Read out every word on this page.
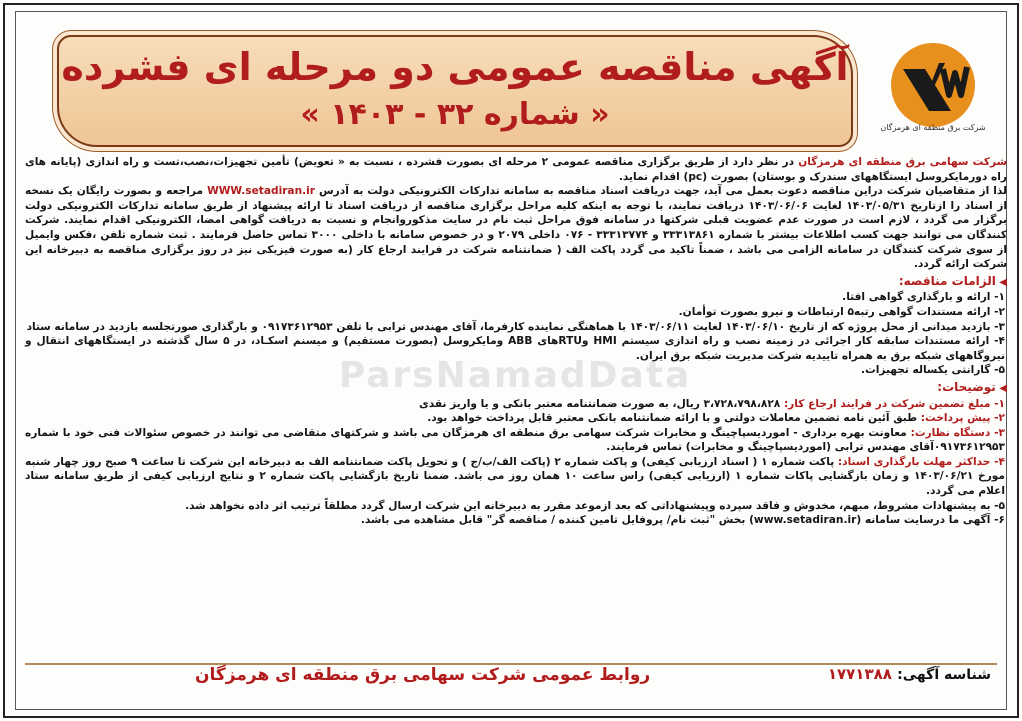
آگهی مناقصه عمومی دو مرحله ای فشرده
« شماره ۳۲ - ۱۴۰۳ »	شرکت برق منطقه ای هرمزگان
ParsNamadData

شرکت سهامی برق منطقه ای هرمزگان در نظر دارد از طریق برگزاری مناقصه عمومی ۲ مرحله ای بصورت فشرده ، نسبت به « تعویض) تأمین تجهیزات،نصب،تست و راه اندازی (پایانه های راه دورمایکروسل ایستگاههای سندرک و بوستان) بصورت (pc) اقدام نماید.

لذا از متقاضیان شرکت دراین مناقصه دعوت بعمل می آید، جهت دریافت اسناد مناقصه به سامانه تدارکات الکترونیکی دولت به آدرس WWW.setadiran.ir مراجعه و بصورت رایگان یک نسخه از اسناد را ازتاریخ ۱۴۰۳/۰۵/۳۱ لغایت ۱۴۰۳/۰۶/۰۶ دریافت نمایند، با توجه به اینکه کلیه مراحل برگزاری مناقصه از دریافت اسناد تا ارائه پیشنهاد از طریق سامانه تدارکات الکترونیکی دولت برگزار می گردد ، لازم است در صورت عدم عضویت قبلی شرکتها در سامانه فوق مراحل ثبت نام در سایت مذکوروانجام و نسبت به دریافت گواهی امضا، الکترونیکی اقدام نمایند. شرکت کنندگان می توانند جهت کسب اطلاعات بیشتر با شماره ۳۳۳۱۳۸۶۱ و ۳۳۳۱۳۷۷۴ - ۰۷۶ داخلی ۲۰۷۹ و در خصوص سامانه با داخلی ۳۰۰۰ تماس حاصل فرمایند . ثبت شماره تلفن ،فکس وایمیل از سوی شرکت کنندگان در سامانه الزامی می باشد ، ضمناً تاکید می گردد پاکت الف ( ضمانتنامه شرکت در فرایند ارجاع کار (به صورت فیزیکی نیز در روز برگزاری مناقصه به دبیرخانه این شرکت ارائه گردد.

◀ الزامات مناقصه:

۱- ارائه و بارگذاری گواهی افتا.

۲- ارائه مستندات گواهی رتبه۵ ارتباطات و نیرو بصورت توأمان.

۳- بازدید میدانی از محل پروژه که از تاریخ ۱۴۰۳/۰۶/۱۰ لغایت ۱۴۰۳/۰۶/۱۱ با هماهنگی نماینده کارفرما، آقای مهندس ترابی با تلفن ۰۹۱۷۳۶۱۲۹۵۳ و بارگذاری صورتجلسه بازدید در سامانه ستاد

۴- ارائه مستندات سابقه کار اجرائی در زمینه نصب و راه اندازی سیستم HMI وRTUهای ABB ومایکروسل (بصورت مستقیم) و میسنم اسکـاد، در ۵ سال گذشته در ایستگاههای انتقال و نیروگاههای شبکه برق به همراه تاییدیه شرکت مدیریت شبکه برق ایران.

۵- گارانتی یکساله تجهیزات.

◀ توضیحات:

۱- مبلغ تضمین شرکت در فرایند ارجاع کار: ۳،۷۲۸،۷۹۸،۸۲۸ ریال، به صورت ضمانتنامه معتبر بانکی و یا واریز نقدی

۲- پیش پرداخت: طبق آئین نامه تضمین معاملات دولتی و با ارائه ضمانتنامه بانکی معتبر قابل پرداخت خواهد بود.

۳- دستگاه نظارت: معاونت بهره برداری - اموردیسپاچینگ و مخابرات شرکت سهامی برق منطقه ای هرمزگان می باشد و شرکتهای متقاضی می توانند در خصوص سئوالات فنی خود با شماره ۰۹۱۷۳۶۱۲۹۵۳آقای مهندس ترابی (اموردیسپاچینگ و مخابرات) تماس فرمایند.

۴- حداکثر مهلت بارگذاری اسناد: پاکت شماره ۱ ( اسناد ارزیابی کیفی) و پاکت شماره ۲ (پاکت الف/ب/ج ) و تحویل پاکت ضمانتنامه الف به دبیرخانه این شرکت تا ساعت ۹ صبح روز چهار شنبه مورخ ۱۴۰۳/۰۶/۲۱ و زمان بازگشایی پاکات شماره ۱ (ارزیابی کیفی) راس ساعت ۱۰ همان روز می باشد. ضمنا تاریخ بازگشایی پاکت شماره ۲ و نتایج ارزیابی کیفی از طریق سامانه ستاد اعلام می گردد.

۵- به پیشنهادات مشروط، مبهم، مخدوش و فاقد سپرده وپیشنهاداتی که بعد ازموعد مقرر به دبیرخانه این شرکت ارسال گردد مطلقاً ترتیب اثر داده نخواهد شد.

۶- آگهی ما درسایت سامانه (www.setadiran.ir) بخش "ثبت نام/ پروفایل تامین کننده / مناقصه گر" قابل مشاهده می باشد.

شناسه آگهی: ۱۷۷۱۳۸۸
روابط عمومی شرکت سهامی برق منطقه ای هرمزگان
